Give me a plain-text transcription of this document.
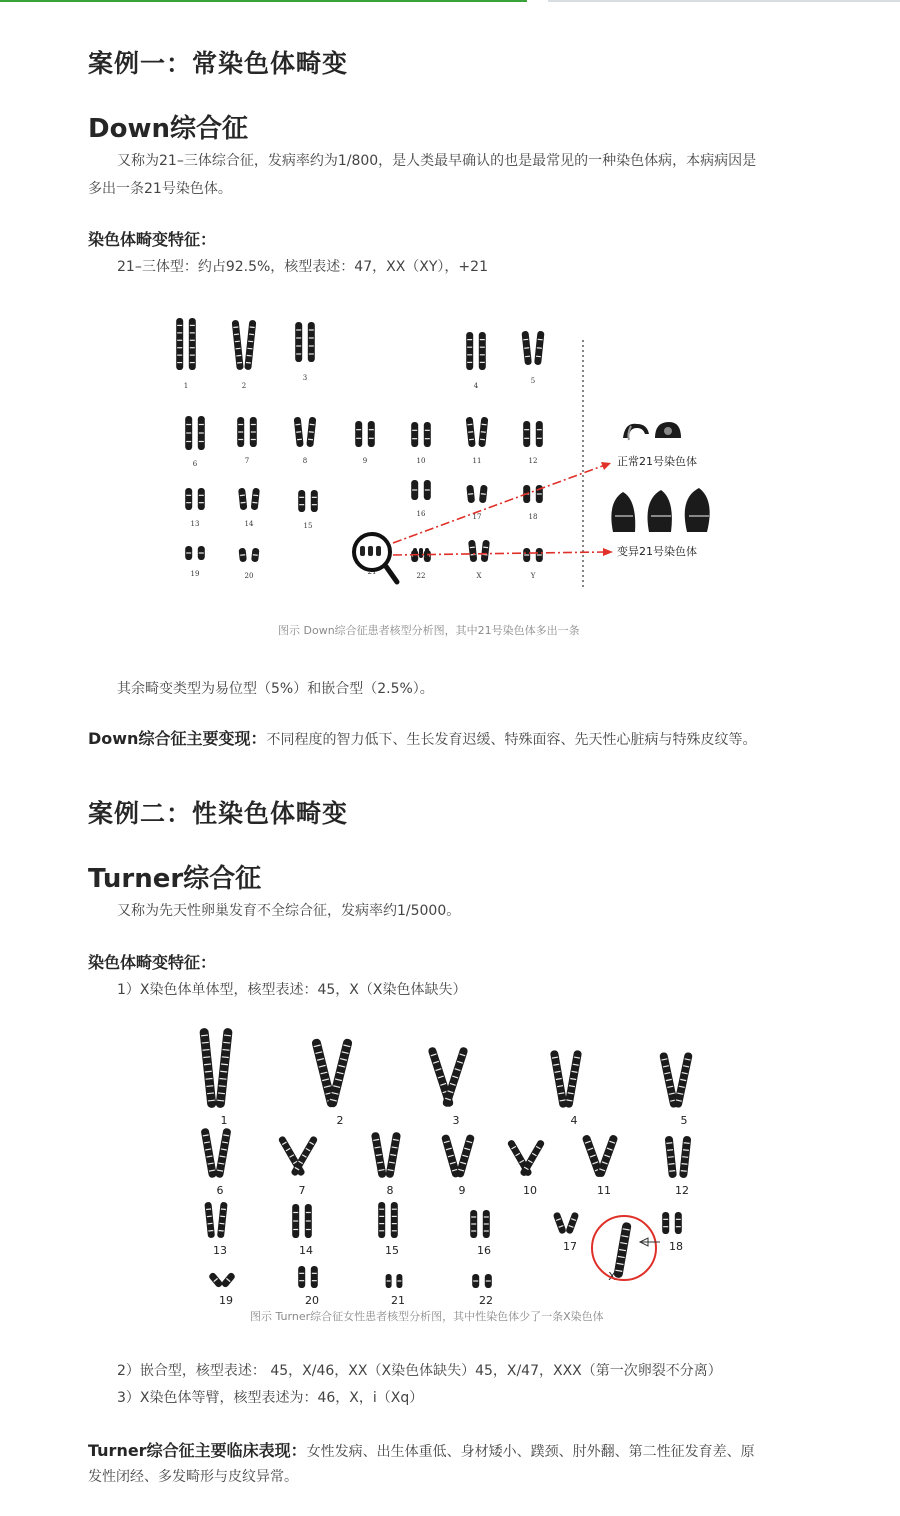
案例一：常染色体畸变
Down综合征
又称为21–三体综合征，发病率约为1/800，是人类最早确认的也是最常见的一种染色体病，本病病因是
多出一条21号染色体。
染色体畸变特征：
21–三体型：约占92.5%，核型表述：47，XX（XY），+21
1	2
3
4
5
6	7	8	9	10	11	12
13	14	15
16	17	18
19	20	21	22	X	Y
正常21号染色体
变异21号染色体
图示 Down综合征患者核型分析图，其中21号染色体多出一条
其余畸变类型为易位型（5%）和嵌合型（2.5%）。
Down综合征主要变现：不同程度的智力低下、生长发育迟缓、特殊面容、先天性心脏病与特殊皮纹等。
案例二：性染色体畸变
Turner综合征
又称为先天性卵巢发育不全综合征，发病率约1/5000。
染色体畸变特征：
1）X染色体单体型，核型表述：45，X（X染色体缺失）
1	2	3	4	5
6	7	8	9	10	11	12
13	14	15	16	17	18
19	20	21	22
X
图示 Turner综合征女性患者核型分析图，其中性染色体少了一条X染色体
2）嵌合型，核型表述： 45，X/46，XX（X染色体缺失）45，X/47，XXX（第一次卵裂不分离）
3）X染色体等臂，核型表述为：46，X，i（Xq）
Turner综合征主要临床表现：女性发病、出生体重低、身材矮小、蹼颈、肘外翻、第二性征发育差、原
发性闭经、多发畸形与皮纹异常。
